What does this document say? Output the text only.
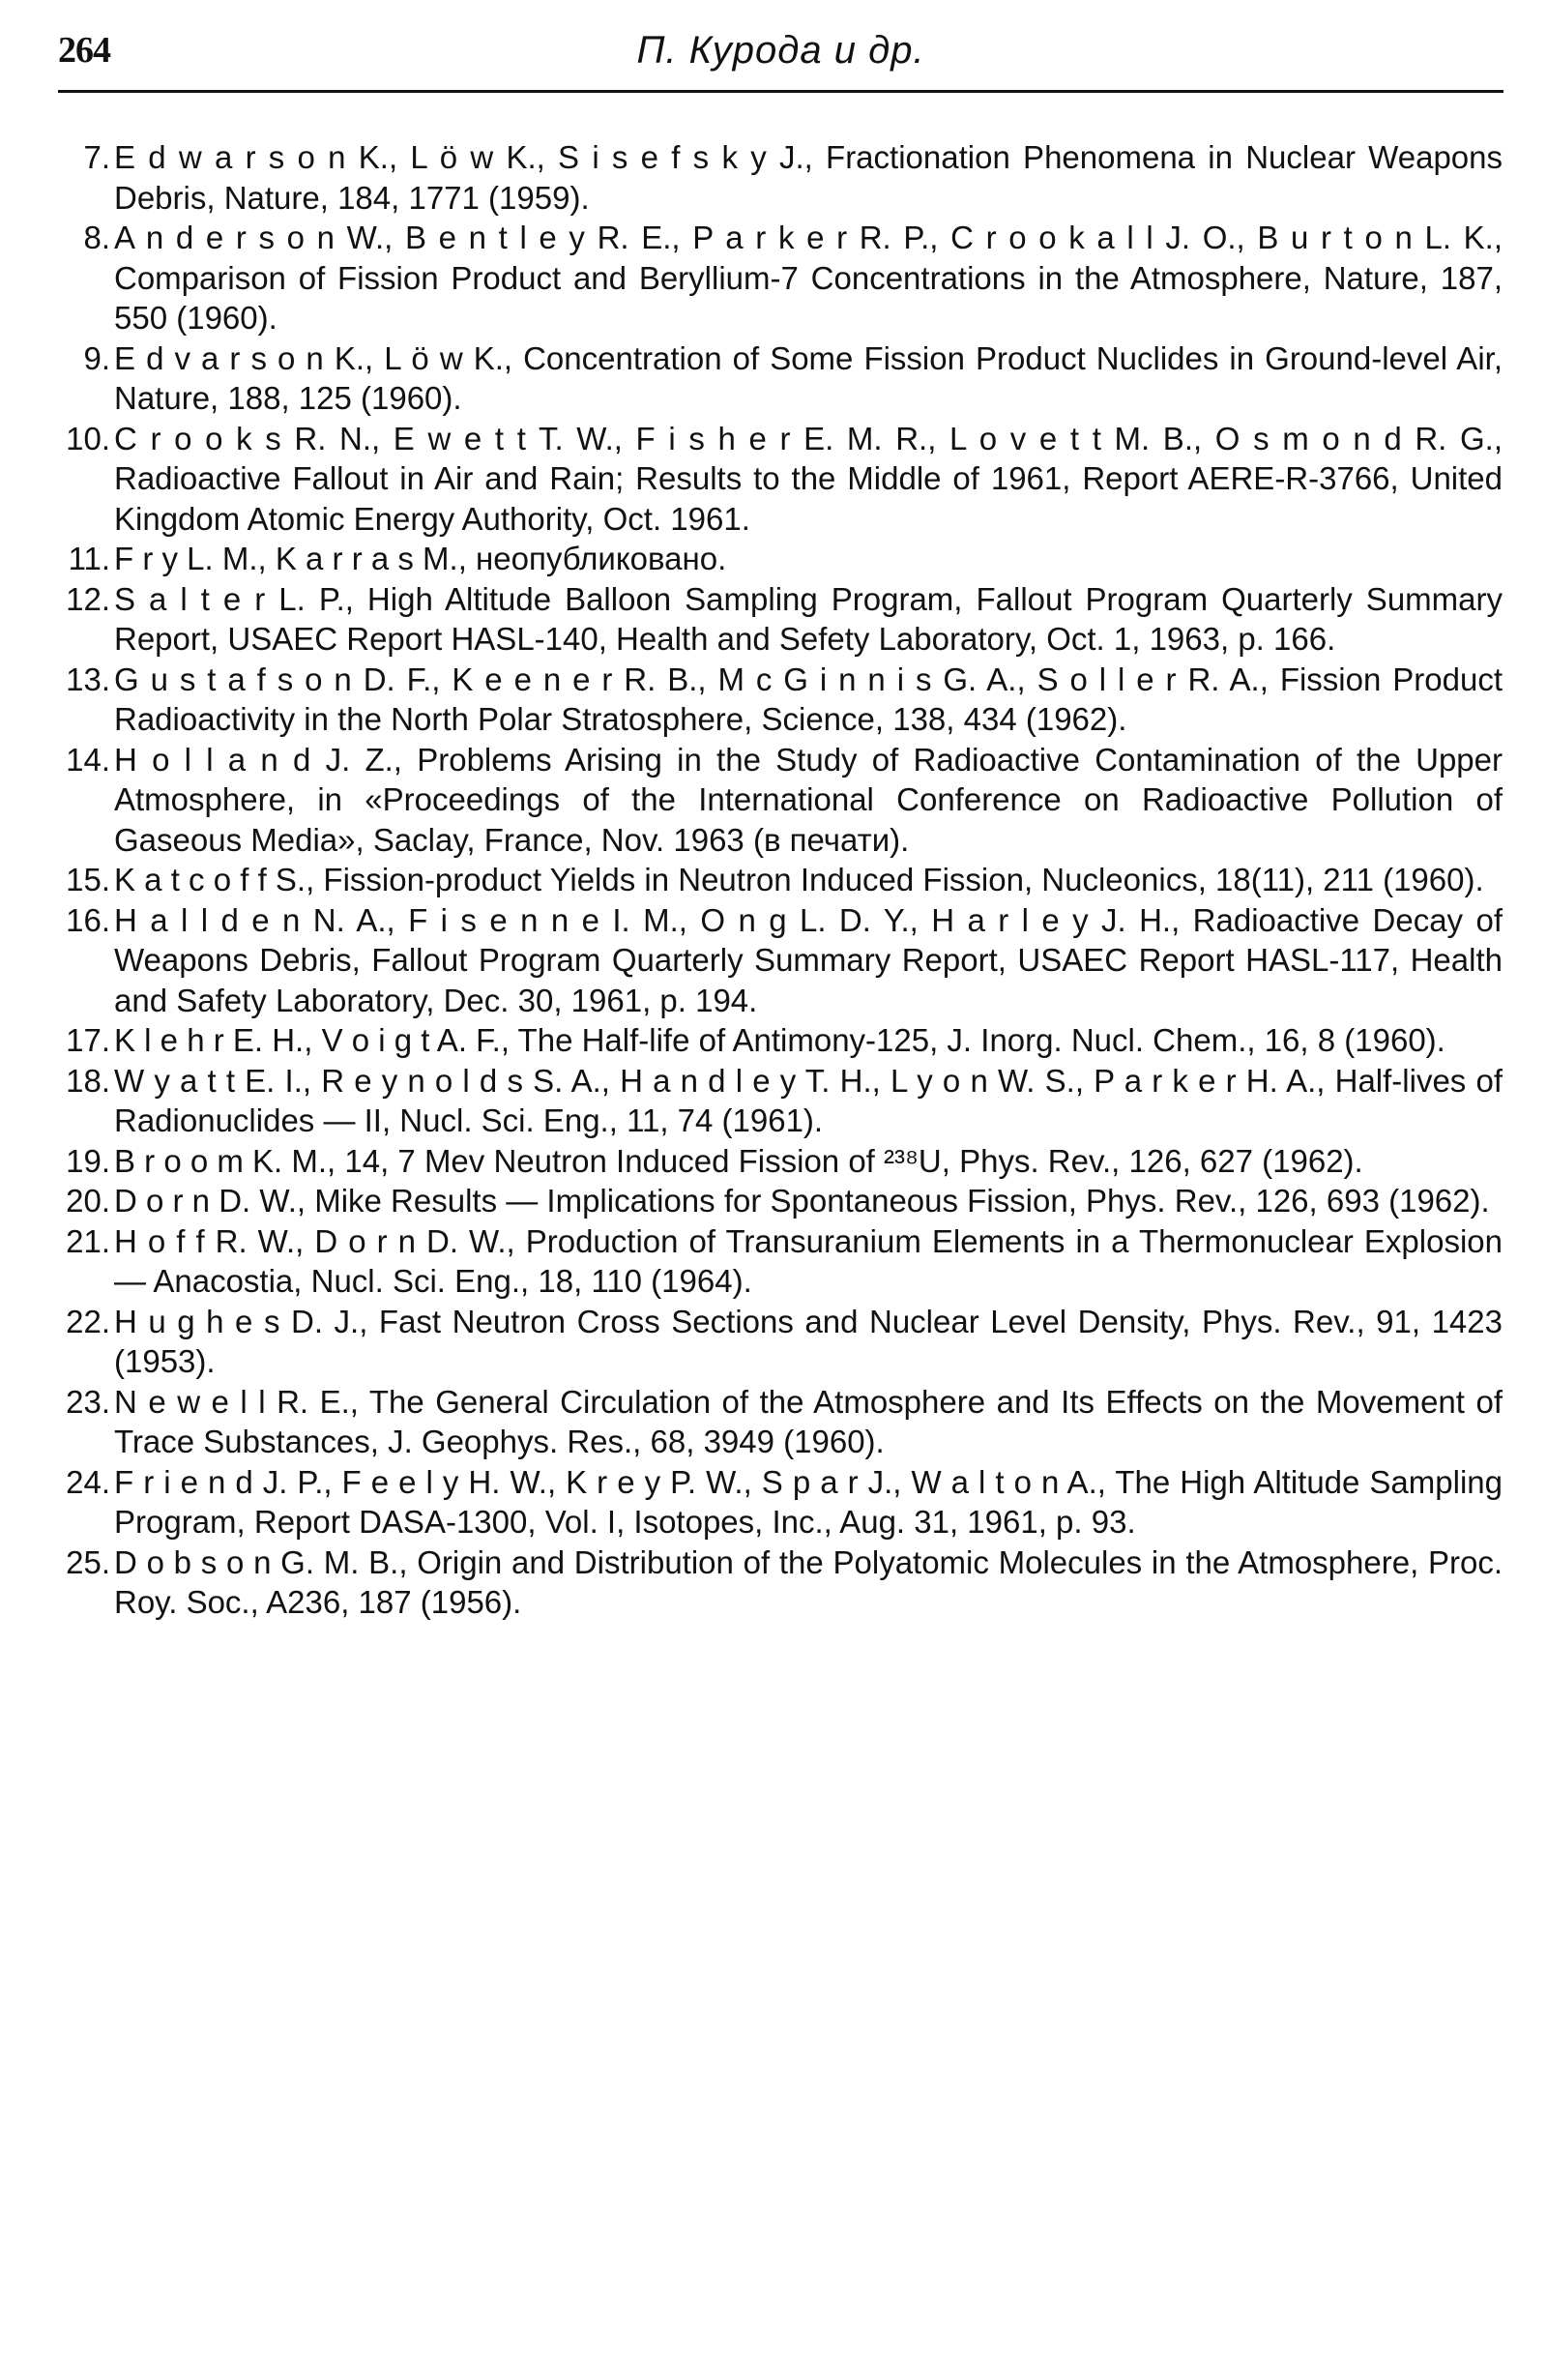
264	П. Курода и др.
7. E d w a r s o n K., L ö w K., S i s e f s k y J., Fractionation Phenomena in Nuclear Weapons Debris, Nature, 184, 1771 (1959).
8. A n d e r s o n W., B e n t l e y R. E., P a r k e r R. P., C r o o k a l l J. O., B u r t o n L. K., Comparison of Fission Product and Beryllium-7 Concentrations in the Atmosphere, Nature, 187, 550 (1960).
9. E d v a r s o n K., L ö w K., Concentration of Some Fission Product Nuclides in Ground-level Air, Nature, 188, 125 (1960).
10. C r o o k s R. N., E w e t t T. W., F i s h e r E. M. R., L o v e t t M. B., O s m o n d R. G., Radioactive Fallout in Air and Rain; Results to the Middle of 1961, Report AERE-R-3766, United Kingdom Atomic Energy Authority, Oct. 1961.
11. F r y L. M., K a r r a s M., неопубликовано.
12. S a l t e r L. P., High Altitude Balloon Sampling Program, Fallout Program Quarterly Summary Report, USAEC Report HASL-140, Health and Sefety Laboratory, Oct. 1, 1963, p. 166.
13. G u s t a f s o n D. F., K e e n e r R. B., M c G i n n i s G. A., S o l l e r R. A., Fission Product Radioactivity in the North Polar Stratosphere, Science, 138, 434 (1962).
14. H o l l a n d J. Z., Problems Arising in the Study of Radioactive Contamination of the Upper Atmosphere, in «Proceedings of the International Conference on Radioactive Pollution of Gaseous Media», Saclay, France, Nov. 1963 (в печати).
15. K a t c o f f S., Fission-product Yields in Neutron Induced Fission, Nucleonics, 18(11), 211 (1960).
16. H a l l d e n N. A., F i s e n n e I. M., O n g L. D. Y., H a r l e y J. H., Radioactive Decay of Weapons Debris, Fallout Program Quarterly Summary Report, USAEC Report HASL-117, Health and Safety Laboratory, Dec. 30, 1961, p. 194.
17. K l e h r E. H., V o i g t A. F., The Half-life of Antimony-125, J. Inorg. Nucl. Chem., 16, 8 (1960).
18. W y a t t E. I., R e y n o l d s S. A., H a n d l e y T. H., L y o n W. S., P a r k e r H. A., Half-lives of Radionuclides — II, Nucl. Sci. Eng., 11, 74 (1961).
19. B r o o m K. M., 14, 7 Mev Neutron Induced Fission of ²³⁸U, Phys. Rev., 126, 627 (1962).
20. D o r n D. W., Mike Results — Implications for Spontaneous Fission, Phys. Rev., 126, 693 (1962).
21. H o f f R. W., D o r n D. W., Production of Transuranium Elements in a Thermonuclear Explosion — Anacostia, Nucl. Sci. Eng., 18, 110 (1964).
22. H u g h e s D. J., Fast Neutron Cross Sections and Nuclear Level Density, Phys. Rev., 91, 1423 (1953).
23. N e w e l l R. E., The General Circulation of the Atmosphere and Its Effects on the Movement of Trace Substances, J. Geophys. Res., 68, 3949 (1960).
24. F r i e n d J. P., F e e l y H. W., K r e y P. W., S p a r J., W a l t o n A., The High Altitude Sampling Program, Report DASA-1300, Vol. I, Isotopes, Inc., Aug. 31, 1961, p. 93.
25. D o b s o n G. M. B., Origin and Distribution of the Polyatomic Molecules in the Atmosphere, Proc. Roy. Soc., A236, 187 (1956).
